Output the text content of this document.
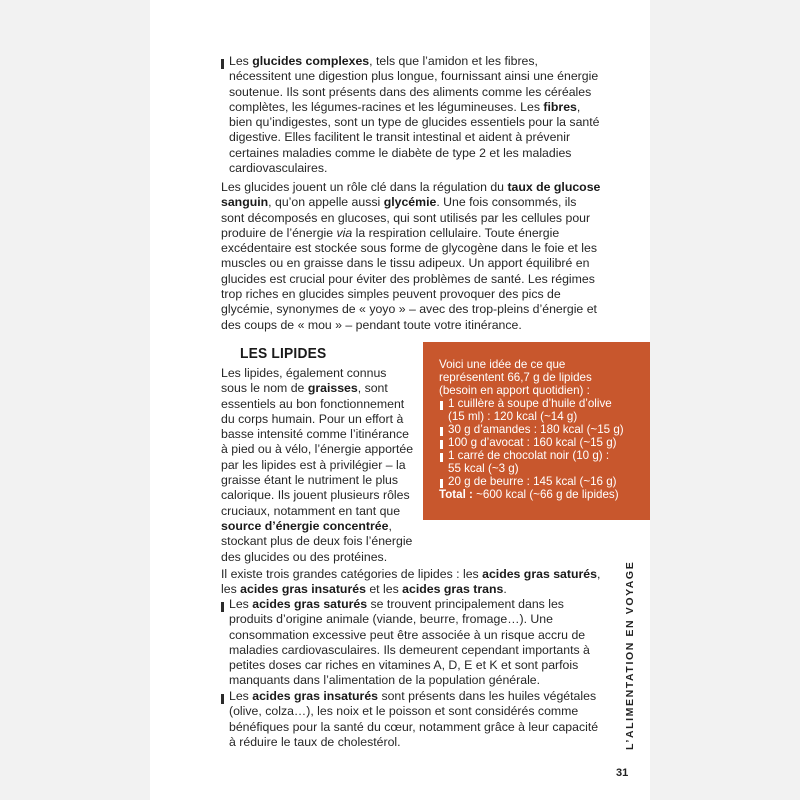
Les glucides complexes, tels que l’amidon et les fibres, nécessitent une digestion plus longue, fournissant ainsi une énergie soutenue. Ils sont présents dans des aliments comme les céréales complètes, les légumes-racines et les légumineuses. Les fibres, bien qu’indigestes, sont un type de glucides essentiels pour la santé digestive. Elles facilitent le transit intestinal et aident à prévenir certaines maladies comme le diabète de type 2 et les maladies cardiovasculaires.
Les glucides jouent un rôle clé dans la régulation du taux de glucose sanguin, qu’on appelle aussi glycémie. Une fois consommés, ils sont décomposés en glucoses, qui sont utilisés par les cellules pour produire de l’énergie via la respiration cellulaire. Toute énergie excédentaire est stockée sous forme de glycogène dans le foie et les muscles ou en graisse dans le tissu adipeux. Un apport équilibré en glucides est crucial pour éviter des problèmes de santé. Les régimes trop riches en glucides simples peuvent provoquer des pics de glycémie, synonymes de « yoyo » – avec des trop-pleins d’énergie et des coups de « mou » – pendant toute votre itinérance.
LES LIPIDES
Les lipides, également connus sous le nom de graisses, sont essentiels au bon fonctionnement du corps humain. Pour un effort à basse intensité comme l’itinérance à pied ou à vélo, l’énergie apportée par les lipides est à privilégier – la graisse étant le nutriment le plus calorique. Ils jouent plusieurs rôles cruciaux, notamment en tant que source d’énergie concentrée, stockant plus de deux fois l’énergie des glucides ou des protéines.
Voici une idée de ce que
représentent 66,7 g de lipides
(besoin en apport quotidien) :
1 cuillère à soupe d’huile d’olive
(15 ml) : 120 kcal (~14 g)
30 g d’amandes : 180 kcal (~15 g)
100 g d’avocat : 160 kcal (~15 g)
1 carré de chocolat noir (10 g) :
55 kcal (~3 g)
20 g de beurre : 145 kcal (~16 g)
Total : ~600 kcal (~66 g de lipides)
Il existe trois grandes catégories de lipides : les acides gras saturés, les acides gras insaturés et les acides gras trans.
Les acides gras saturés se trouvent principalement dans les produits d’origine animale (viande, beurre, fromage…). Une consommation excessive peut être associée à un risque accru de maladies cardiovasculaires. Ils demeurent cependant importants à petites doses car riches en vitamines A, D, E et K et sont parfois manquants dans l’alimentation de la population générale.
Les acides gras insaturés sont présents dans les huiles végétales (olive, colza…), les noix et le poisson et sont considérés comme bénéfiques pour la santé du cœur, notamment grâce à leur capacité à réduire le taux de cholestérol.	L’ALIMENTATION EN VOYAGE
31
